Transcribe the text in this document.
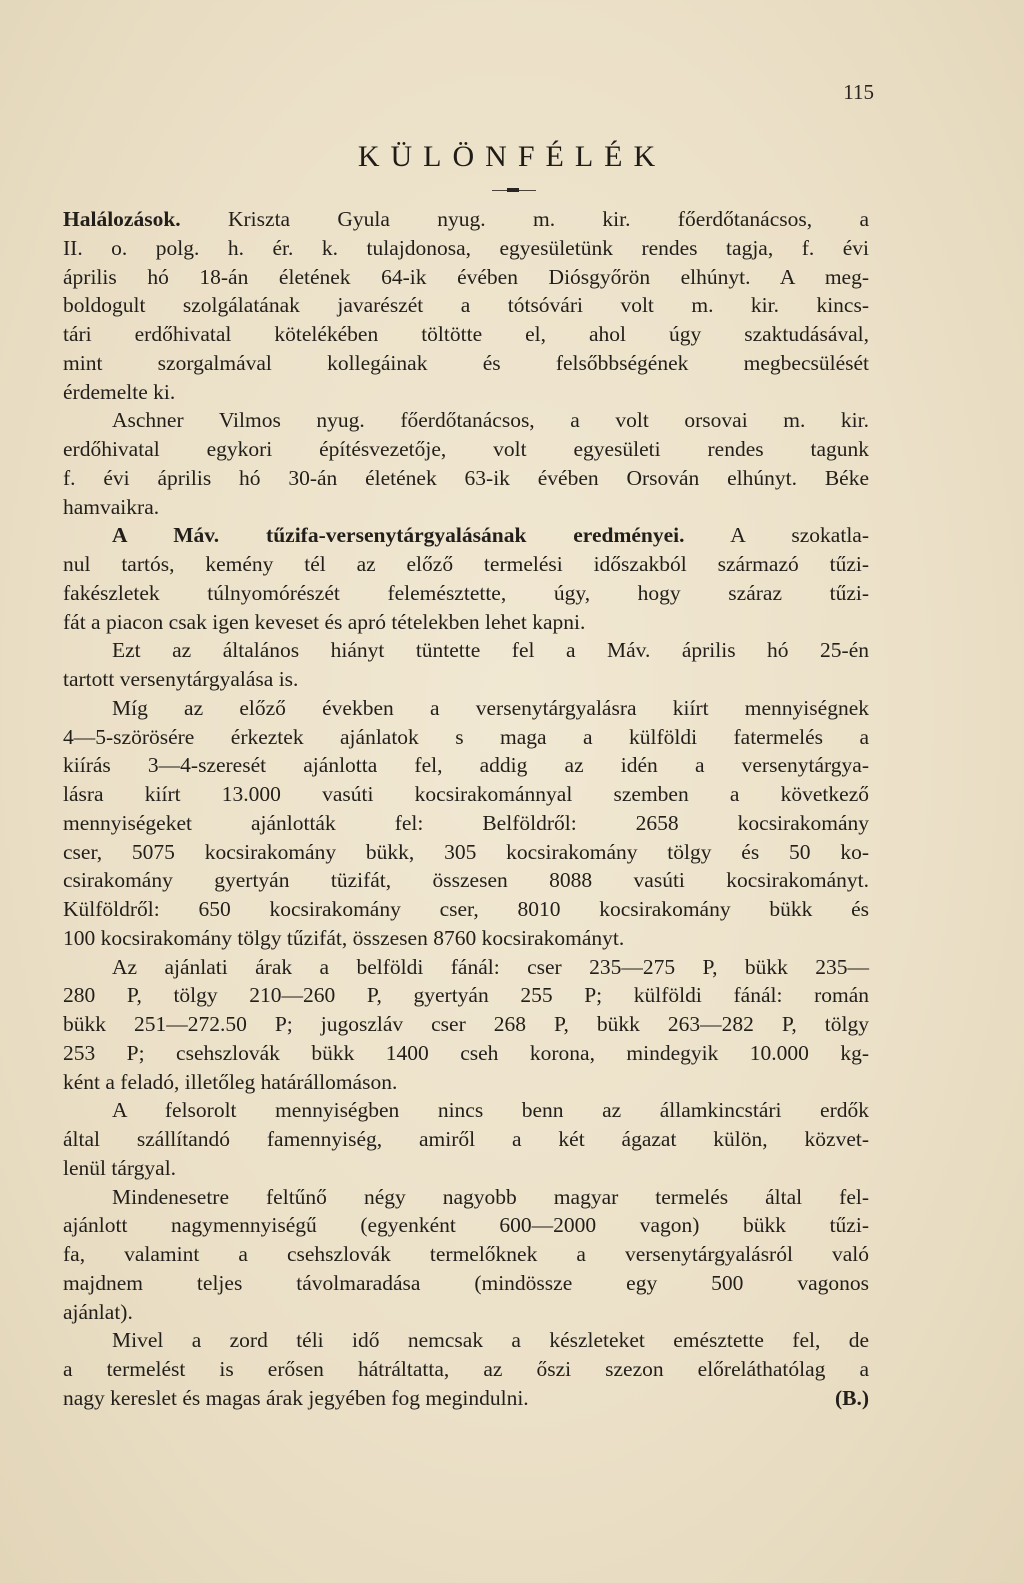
115
KÜLÖNFÉLÉK
Halálozások. Kriszta Gyula nyug. m. kir. főerdőtanácsos, a
II. o. polg. h. ér. k. tulajdonosa, egyesületünk rendes tagja, f. évi
április hó 18-án életének 64-ik évében Diósgyőrön elhúnyt. A meg-
boldogult szolgálatának javarészét a tótsóvári volt m. kir. kincs-
tári erdőhivatal kötelékében töltötte el, ahol úgy szaktudásával,
mint szorgalmával kollegáinak és felsőbbségének megbecsülését
érdemelte ki.
Aschner Vilmos nyug. főerdőtanácsos, a volt orsovai m. kir.
erdőhivatal egykori építésvezetője, volt egyesületi rendes tagunk
f. évi április hó 30-án életének 63-ik évében Orsován elhúnyt. Béke
hamvaikra.
A Máv. tűzifa-versenytárgyalásának eredményei. A szokatla-
nul tartós, kemény tél az előző termelési időszakból származó tűzi-
fakészletek túlnyomórészét felemésztette, úgy, hogy száraz tűzi-
fát a piacon csak igen keveset és apró tételekben lehet kapni.
Ezt az általános hiányt tüntette fel a Máv. április hó 25-én
tartott versenytárgyalása is.
Míg az előző években a versenytárgyalásra kiírt mennyiségnek
4—5-szörösére érkeztek ajánlatok s maga a külföldi fatermelés a
kiírás 3—4-szeresét ajánlotta fel, addig az idén a versenytárgya-
lásra kiírt 13.000 vasúti kocsirakománnyal szemben a következő
mennyiségeket ajánlották fel: Belföldről: 2658 kocsirakomány
cser, 5075 kocsirakomány bükk, 305 kocsirakomány tölgy és 50 ko-
csirakomány gyertyán tüzifát, összesen 8088 vasúti kocsirakományt.
Külföldről: 650 kocsirakomány cser, 8010 kocsirakomány bükk és
100 kocsirakomány tölgy tűzifát, összesen 8760 kocsirakományt.
Az ajánlati árak a belföldi fánál: cser 235—275 P, bükk 235—
280 P, tölgy 210—260 P, gyertyán 255 P; külföldi fánál: román
bükk 251—272.50 P; jugoszláv cser 268 P, bükk 263—282 P, tölgy
253 P; csehszlovák bükk 1400 cseh korona, mindegyik 10.000 kg-
ként a feladó, illetőleg határállomáson.
A felsorolt mennyiségben nincs benn az államkincstári erdők
által szállítandó famennyiség, amiről a két ágazat külön, közvet-
lenül tárgyal.
Mindenesetre feltűnő négy nagyobb magyar termelés által fel-
ajánlott nagymennyiségű (egyenként 600—2000 vagon) bükk tűzi-
fa, valamint a csehszlovák termelőknek a versenytárgyalásról való
majdnem teljes távolmaradása (mindössze egy 500 vagonos
ajánlat).
Mivel a zord téli idő nemcsak a készleteket emésztette fel, de
a termelést is erősen hátráltatta, az őszi szezon előreláthatólag a
nagy kereslet és magas árak jegyében fog megindulni.	(B.)
